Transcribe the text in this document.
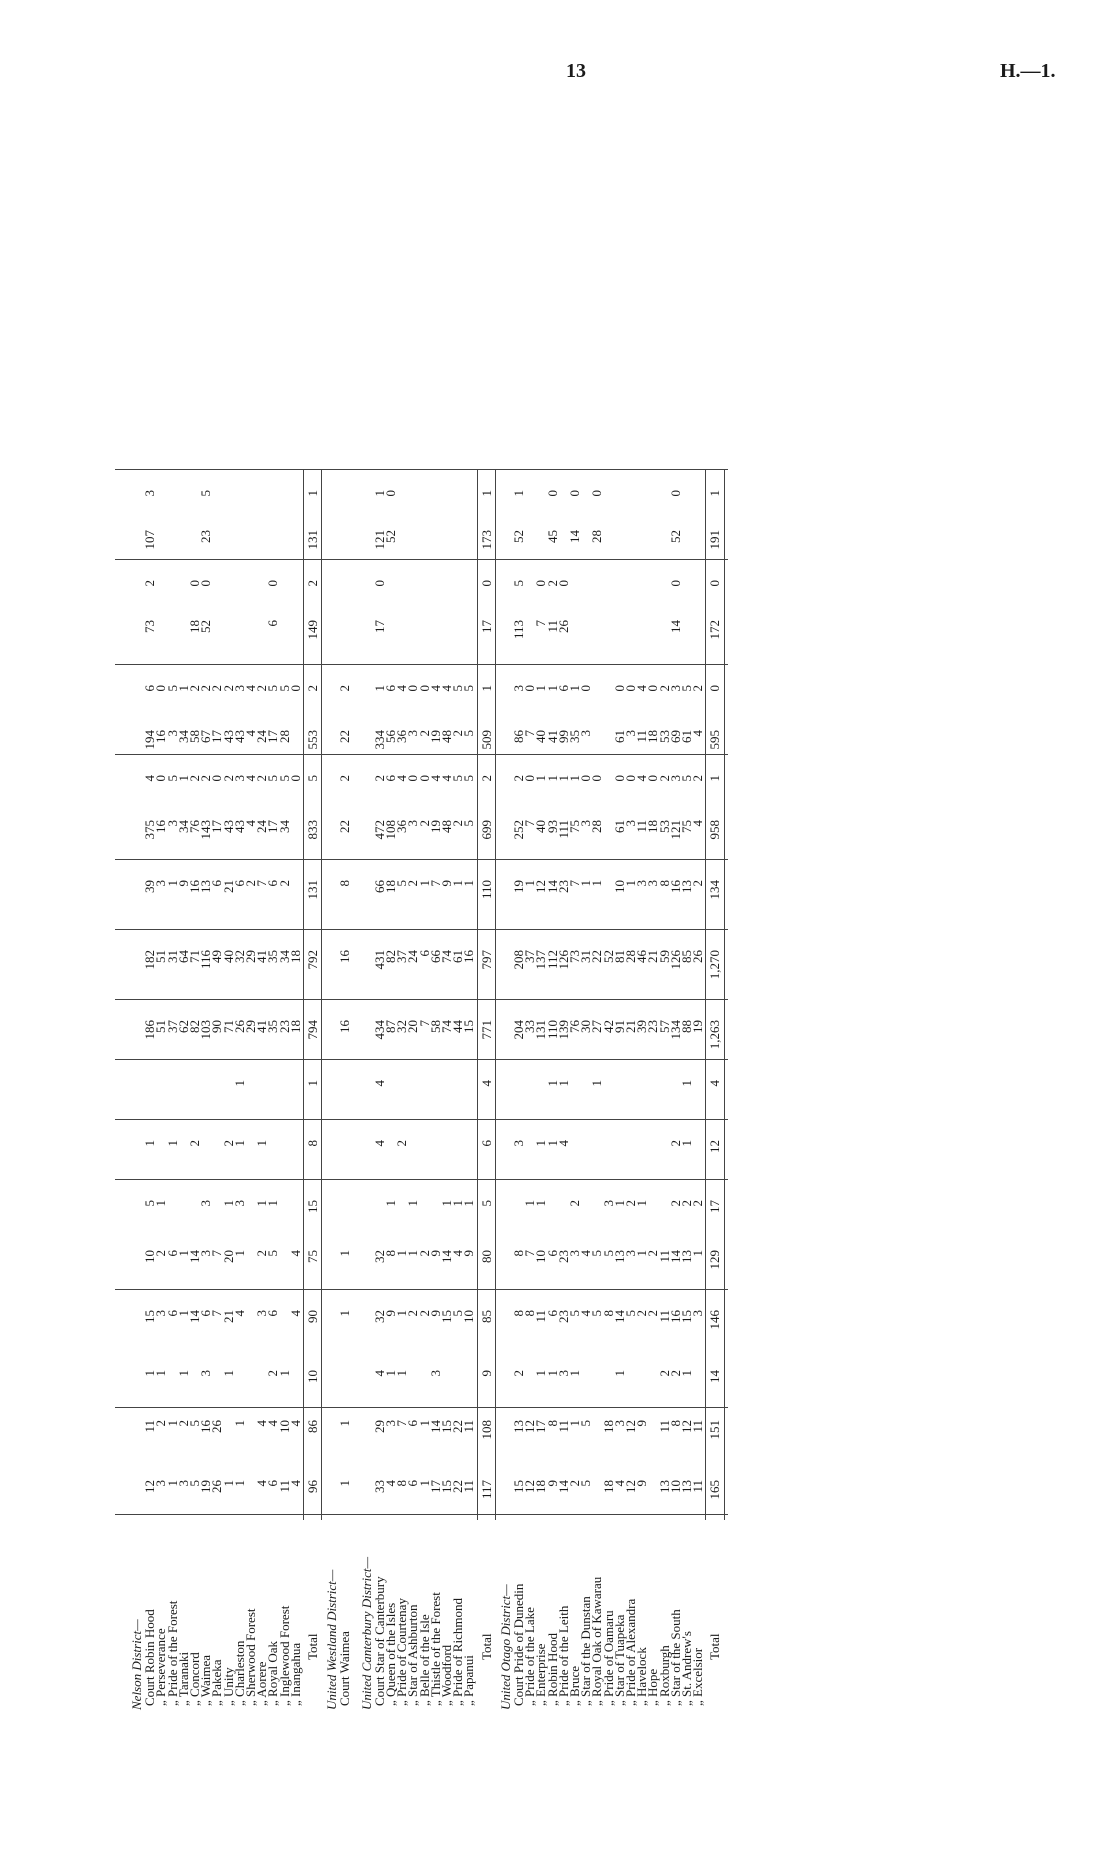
13	H.—1.
Nelson District—
Court Robin Hood
12
11
1
15
10
5
1
186
182
39
375
4
194
6
73
2
107
3
„ Perseverance
3
2
1
3
2
1
51
51
3
16
0
16
0
„ Pride of the Forest
1
1
6
6
1
37
31
1
3
5
3
5
„ Taranaki
3
2
1
1
1
62
64
9
34
1
34
1
„ Concord
5
5
14
14
2
82
71
16
76
2
58
2
18
0
„ Waimea
19
16
3
6
3
3
103
116
13
143
2
67
2
52
0
23
5
„ Pakeka
26
26
7
7
90
49
6
17
0
17
2
„ Unity
1
1
21
20
1
2
71
40
21
43
2
43
2
„ Charleston
1
1
4
1
3
1
1
26
32
6
43
3
43
3
„ Sherwood Forest
29
29
2
4
4
4
4
„ Aorere
4
4
3
2
1
1
41
41
7
24
2
24
2
„ Royal Oak
6
4
2
6
5
1
35
35
6
17
5
17
5
6
0
„ Inglewood Forest
11
10
1
23
34
2
34
5
28
5
„ Inangahua
4
4
4
4
18
18
0
0
Total
96
86
10
90
75
15
8
1
794
792
131
833
5
553
2
149
2
131
1
United Westland District—
Court Waimea
1
1
1
1
16
16
8
22
2
22
2
United Canterbury District—
Court Star of Canterbury
33
29
4
32
32
4
4
434
431
66
472
2
334
1
17
0
121
1
„ Queen of the Isles
4
3
1
9
8
1
87
82
18
108
6
56
6
52
0
„ Pride of Courtenay
8
7
1
1
1
2
32
37
5
36
4
36
4
„ Star of Ashburton
6
6
2
1
1
20
24
2
3
0
3
0
„ Belle of the Isle
1
1
2
2
7
6
1
2
0
2
0
„ Thistle of the Forest
17
14
3
9
9
58
66
7
19
4
19
4
„ Woodford
15
15
15
14
1
74
74
9
48
4
48
4
„ Pride of Richmond
22
22
5
4
1
44
61
1
2
5
2
5
„ Papanui
11
11
10
9
1
15
16
1
5
5
5
5
Total
117
108
9
85
80
5
6
4
771
797
110
699
2
509
1
17
0
173
1
United Otago District—
Court Pride of Dunedin
15
13
2
8
8
3
204
208
19
252
2
86
3
113
5
52
1
„ Pride of the Lake
12
12
8
7
1
33
37
1
7
0
7
0
„ Enterprise
18
17
1
11
10
1
1
131
137
12
40
1
40
1
7
0
„ Robin Hood
9
8
1
6
6
1
1
110
112
14
93
1
41
1
11
2
45
0
„ Pride of the Leith
14
11
3
23
23
4
1
139
126
23
111
1
99
6
26
0
„ Bruce
2
1
1
5
3
2
76
73
7
75
1
35
1
14
0
„ Star of the Dunstan
5
5
4
4
30
31
1
3
0
3
0
„ Royal Oak of Kawarau
5
5
1
27
22
1
28
0
28
0
„ Pride of Oamaru
18
18
8
5
3
42
52
„ Star of Tuapeka
4
3
1
14
13
1
91
81
10
61
0
61
0
„ Pride of Alexandra
12
12
5
3
2
21
28
1
3
0
3
0
„ Havelock
9
9
2
1
1
39
46
3
11
4
11
4
„ Hope
2
2
23
21
3
18
0
18
0
„ Roxburgh
13
11
2
11
11
57
59
8
53
2
53
2
„ Star of the South
10
8
2
16
14
2
2
134
126
16
121
3
69
3
14
0
52
0
„ St. Andrew's
13
12
1
15
13
2
1
1
88
85
13
75
5
61
5
„ Excelsior
11
11
3
1
2
19
26
2
4
2
4
2
Total
165
151
14
146
129
17
12
4
1,263
1,270
134
958
1
595
0
172
0
191
1
